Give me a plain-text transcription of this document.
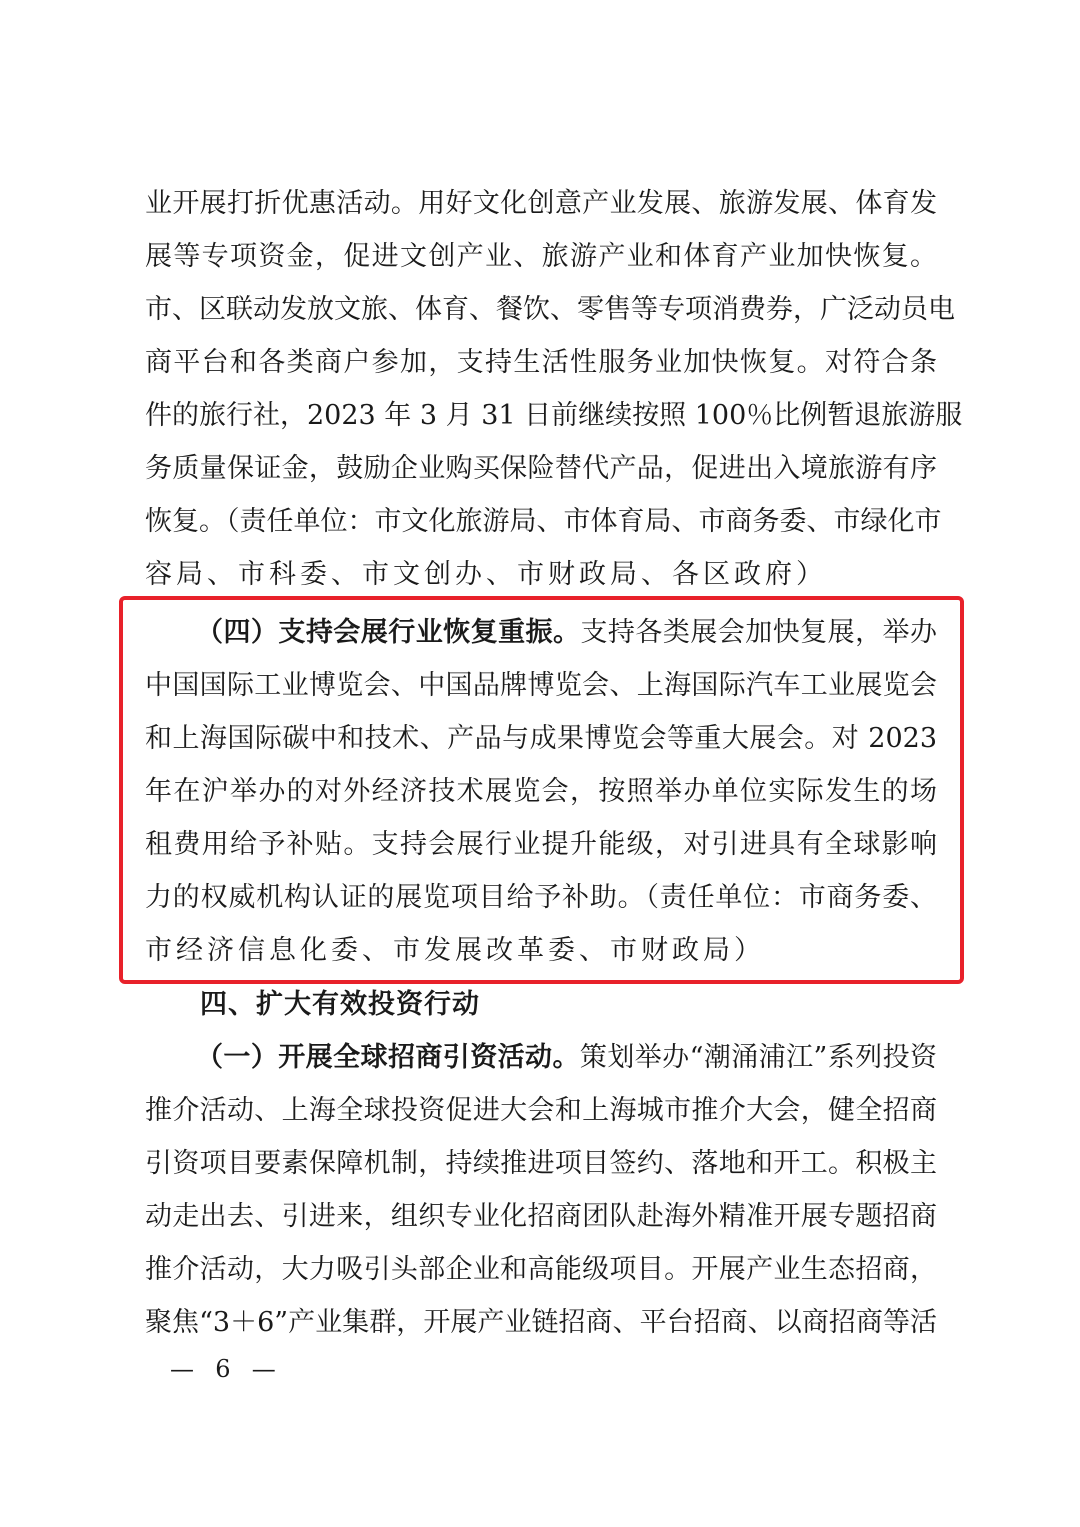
业开展打折优惠活动。用好文化创意产业发展、旅游发展、体育发
展等专项资金，促进文创产业、旅游产业和体育产业加快恢复。
市、区联动发放文旅、体育、餐饮、零售等专项消费券，广泛动员电
商平台和各类商户参加，支持生活性服务业加快恢复。对符合条
件的旅行社，2023 年 3 月 31 日前继续按照 100％比例暂退旅游服
务质量保证金，鼓励企业购买保险替代产品，促进出入境旅游有序
恢复。（责任单位：市文化旅游局、市体育局、市商务委、市绿化市
容局、市科委、市文创办、市财政局、各区政府）
（四）支持会展行业恢复重振。支持各类展会加快复展，举办
中国国际工业博览会、中国品牌博览会、上海国际汽车工业展览会
和上海国际碳中和技术、产品与成果博览会等重大展会。对 2023
年在沪举办的对外经济技术展览会，按照举办单位实际发生的场
租费用给予补贴。支持会展行业提升能级，对引进具有全球影响
力的权威机构认证的展览项目给予补助。（责任单位：市商务委、
市经济信息化委、市发展改革委、市财政局）
四、扩大有效投资行动
（一）开展全球招商引资活动。策划举办“潮涌浦江”系列投资
推介活动、上海全球投资促进大会和上海城市推介大会，健全招商
引资项目要素保障机制，持续推进项目签约、落地和开工。积极主
动走出去、引进来，组织专业化招商团队赴海外精准开展专题招商
推介活动，大力吸引头部企业和高能级项目。开展产业生态招商，
聚焦“3＋6”产业集群，开展产业链招商、平台招商、以商招商等活
—  6  —
